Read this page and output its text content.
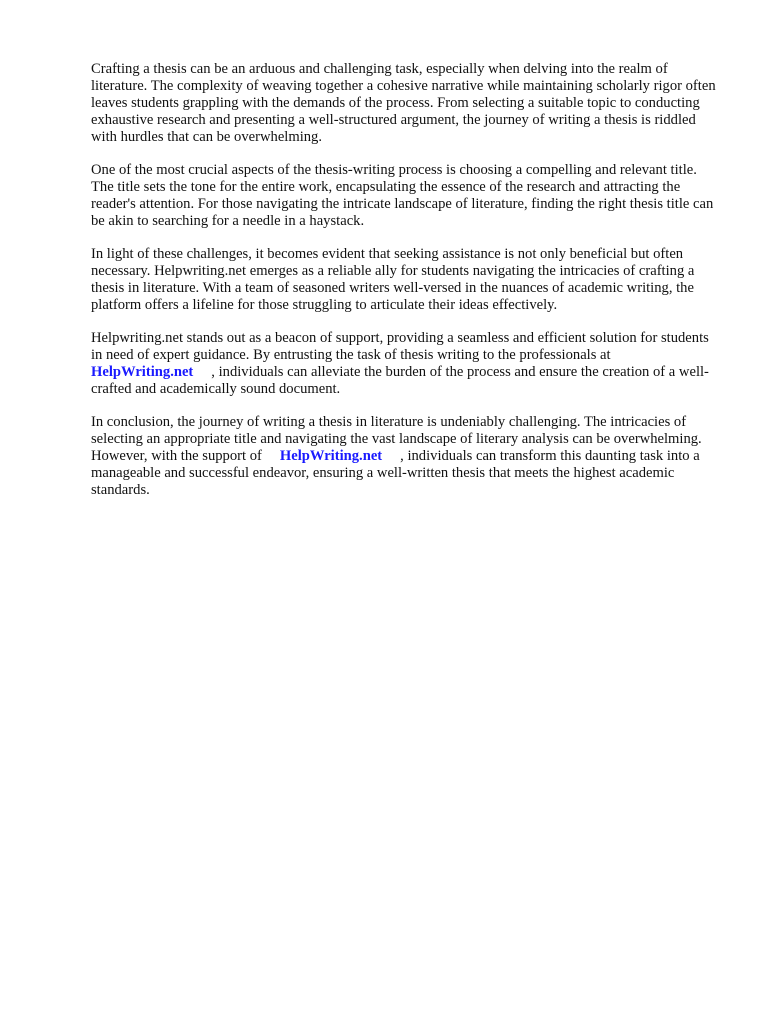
Crafting a thesis can be an arduous and challenging task, especially when delving into the realm of literature. The complexity of weaving together a cohesive narrative while maintaining scholarly rigor often leaves students grappling with the demands of the process. From selecting a suitable topic to conducting exhaustive research and presenting a well-structured argument, the journey of writing a thesis is riddled with hurdles that can be overwhelming.

One of the most crucial aspects of the thesis-writing process is choosing a compelling and relevant title. The title sets the tone for the entire work, encapsulating the essence of the research and attracting the reader's attention. For those navigating the intricate landscape of literature, finding the right thesis title can be akin to searching for a needle in a haystack.

In light of these challenges, it becomes evident that seeking assistance is not only beneficial but often necessary. Helpwriting.net emerges as a reliable ally for students navigating the intricacies of crafting a thesis in literature. With a team of seasoned writers well-versed in the nuances of academic writing, the platform offers a lifeline for those struggling to articulate their ideas effectively.

Helpwriting.net stands out as a beacon of support, providing a seamless and efficient solution for students in need of expert guidance. By entrusting the task of thesis writing to the professionals at
HelpWriting.net , individuals can alleviate the burden of the process and ensure the creation of a well-crafted and academically sound document.

In conclusion, the journey of writing a thesis in literature is undeniably challenging. The intricacies of selecting an appropriate title and navigating the vast landscape of literary analysis can be overwhelming. However, with the support of HelpWriting.net , individuals can transform this daunting task into a manageable and successful endeavor, ensuring a well-written thesis that meets the highest academic standards.
